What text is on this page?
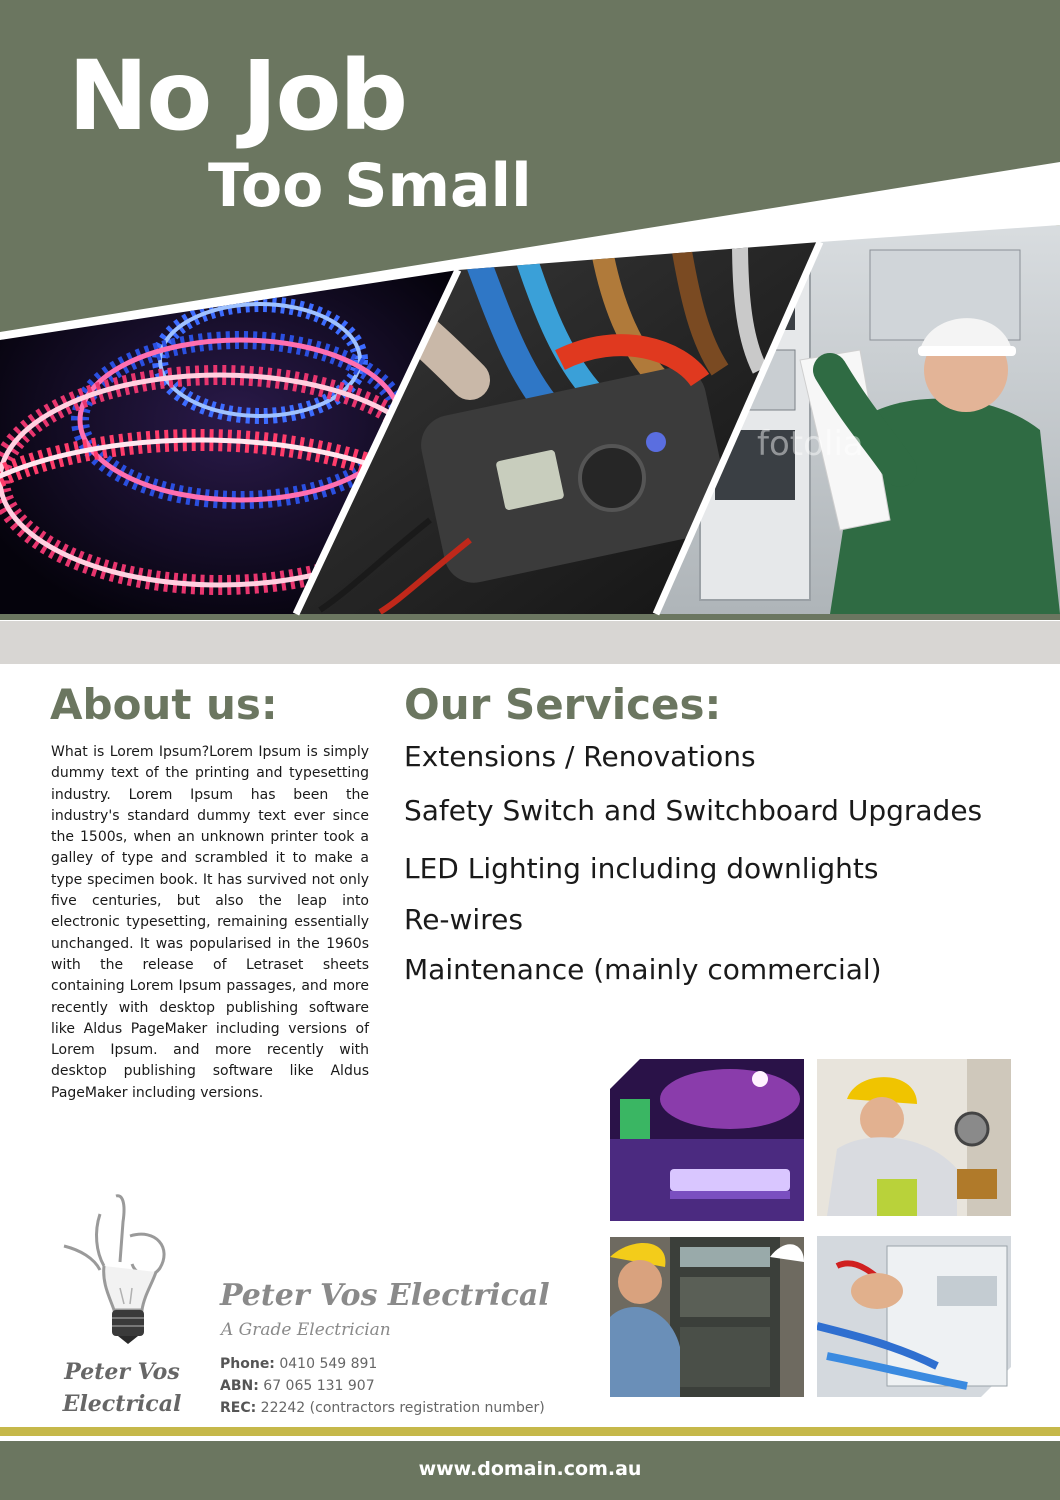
No Job
Too Small
fotolia
About us:

What is Lorem Ipsum?Lorem Ipsum is simply dummy text of the printing and typesetting industry. Lorem Ipsum has been the industry's standard dummy text ever since the 1500s, when an unknown printer took a galley of type and scrambled it to make a type specimen book. It has survived not only five centuries, but also the leap into electronic typesetting, remaining essentially unchanged. It was popularised in the 1960s with the release of Letraset sheets containing Lorem Ipsum passages, and more recently with desktop publishing software like Aldus PageMaker including versions of Lorem Ipsum. and more recently with desktop publishing software like Aldus PageMaker including versions.

Our Services:
Extensions / Renovations
Safety Switch and Switchboard Upgrades
LED Lighting including downlights
Re-wires
Maintenance (mainly commercial)
Peter Vos
Electrical
Peter Vos Electrical
A Grade Electrician
Phone: 0410 549 891
ABN: 67 065 131 907
REC: 22242 (contractors registration number)
www.domain.com.au
